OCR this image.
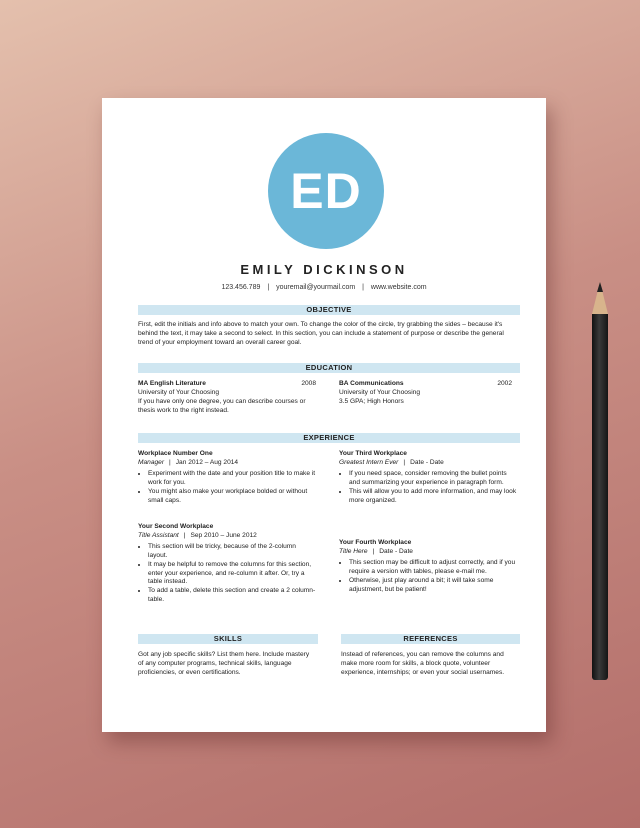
ED
EMILY DICKINSON
123.456.789 | youremail@yourmail.com | www.website.com
OBJECTIVE
First, edit the initials and info above to match your own. To change the color of the circle, try grabbing the sides – because it's behind the text, it may take a second to select. In this section, you can include a statement of purpose or describe the general trend of your employment toward an overall career goal.
EDUCATION
MA English Literature	2008
University of Your Choosing
If you have only one degree, you can describe courses or thesis work to the right instead.
BA Communications	2002
University of Your Choosing
3.5 GPA; High Honors
EXPERIENCE
Workplace Number One
Manager | Jan 2012 – Aug 2014
• Experiment with the date and your position title to make it work for you.
• You might also make your workplace bolded or without small caps.
Your Second Workplace
Title Assistant | Sep 2010 – June 2012
• This section will be tricky, because of the 2-column layout.
• It may be helpful to remove the columns for this section, enter your experience, and re-column it after. Or, try a table instead.
• To add a table, delete this section and create a 2 column-table.
Your Third Workplace
Greatest Intern Ever | Date - Date
• If you need space, consider removing the bullet points and summarizing your experience in paragraph form.
• This will allow you to add more information, and may look more organized.
Your Fourth Workplace
Title Here | Date - Date
• This section may be difficult to adjust correctly, and if you require a version with tables, please e-mail me.
• Otherwise, just play around a bit; it will take some adjustment, but be patient!
SKILLS
Got any job specific skills? List them here. Include mastery of any computer programs, technical skills, language proficiencies, or even certifications.
REFERENCES
Instead of references, you can remove the columns and make more room for skills, a block quote, volunteer experience, internships; or even your social usernames.
